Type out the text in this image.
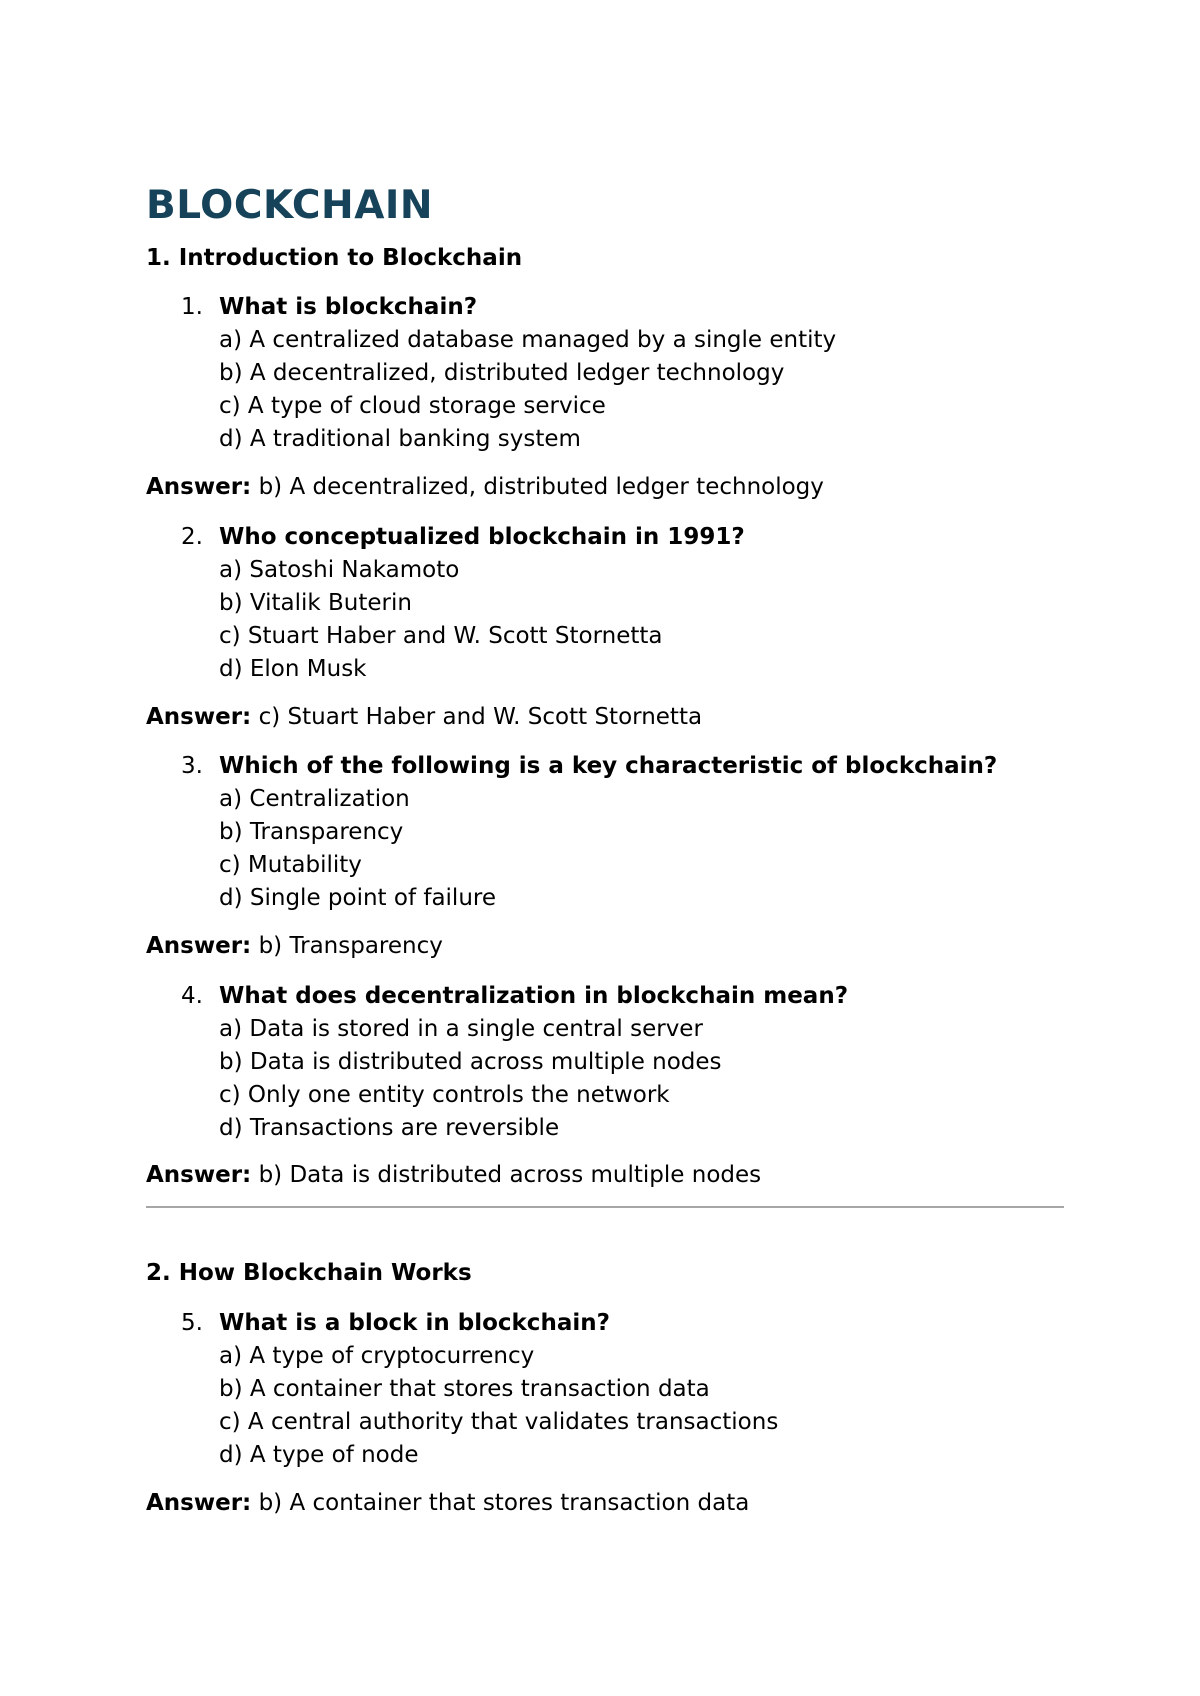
BLOCKCHAIN
1. Introduction to Blockchain
1. What is blockchain?
a) A centralized database managed by a single entity
b) A decentralized, distributed ledger technology
c) A type of cloud storage service
d) A traditional banking system
Answer: b) A decentralized, distributed ledger technology
2. Who conceptualized blockchain in 1991?
a) Satoshi Nakamoto
b) Vitalik Buterin
c) Stuart Haber and W. Scott Stornetta
d) Elon Musk
Answer: c) Stuart Haber and W. Scott Stornetta
3. Which of the following is a key characteristic of blockchain?
a) Centralization
b) Transparency
c) Mutability
d) Single point of failure
Answer: b) Transparency
4. What does decentralization in blockchain mean?
a) Data is stored in a single central server
b) Data is distributed across multiple nodes
c) Only one entity controls the network
d) Transactions are reversible
Answer: b) Data is distributed across multiple nodes
2. How Blockchain Works
5. What is a block in blockchain?
a) A type of cryptocurrency
b) A container that stores transaction data
c) A central authority that validates transactions
d) A type of node
Answer: b) A container that stores transaction data
